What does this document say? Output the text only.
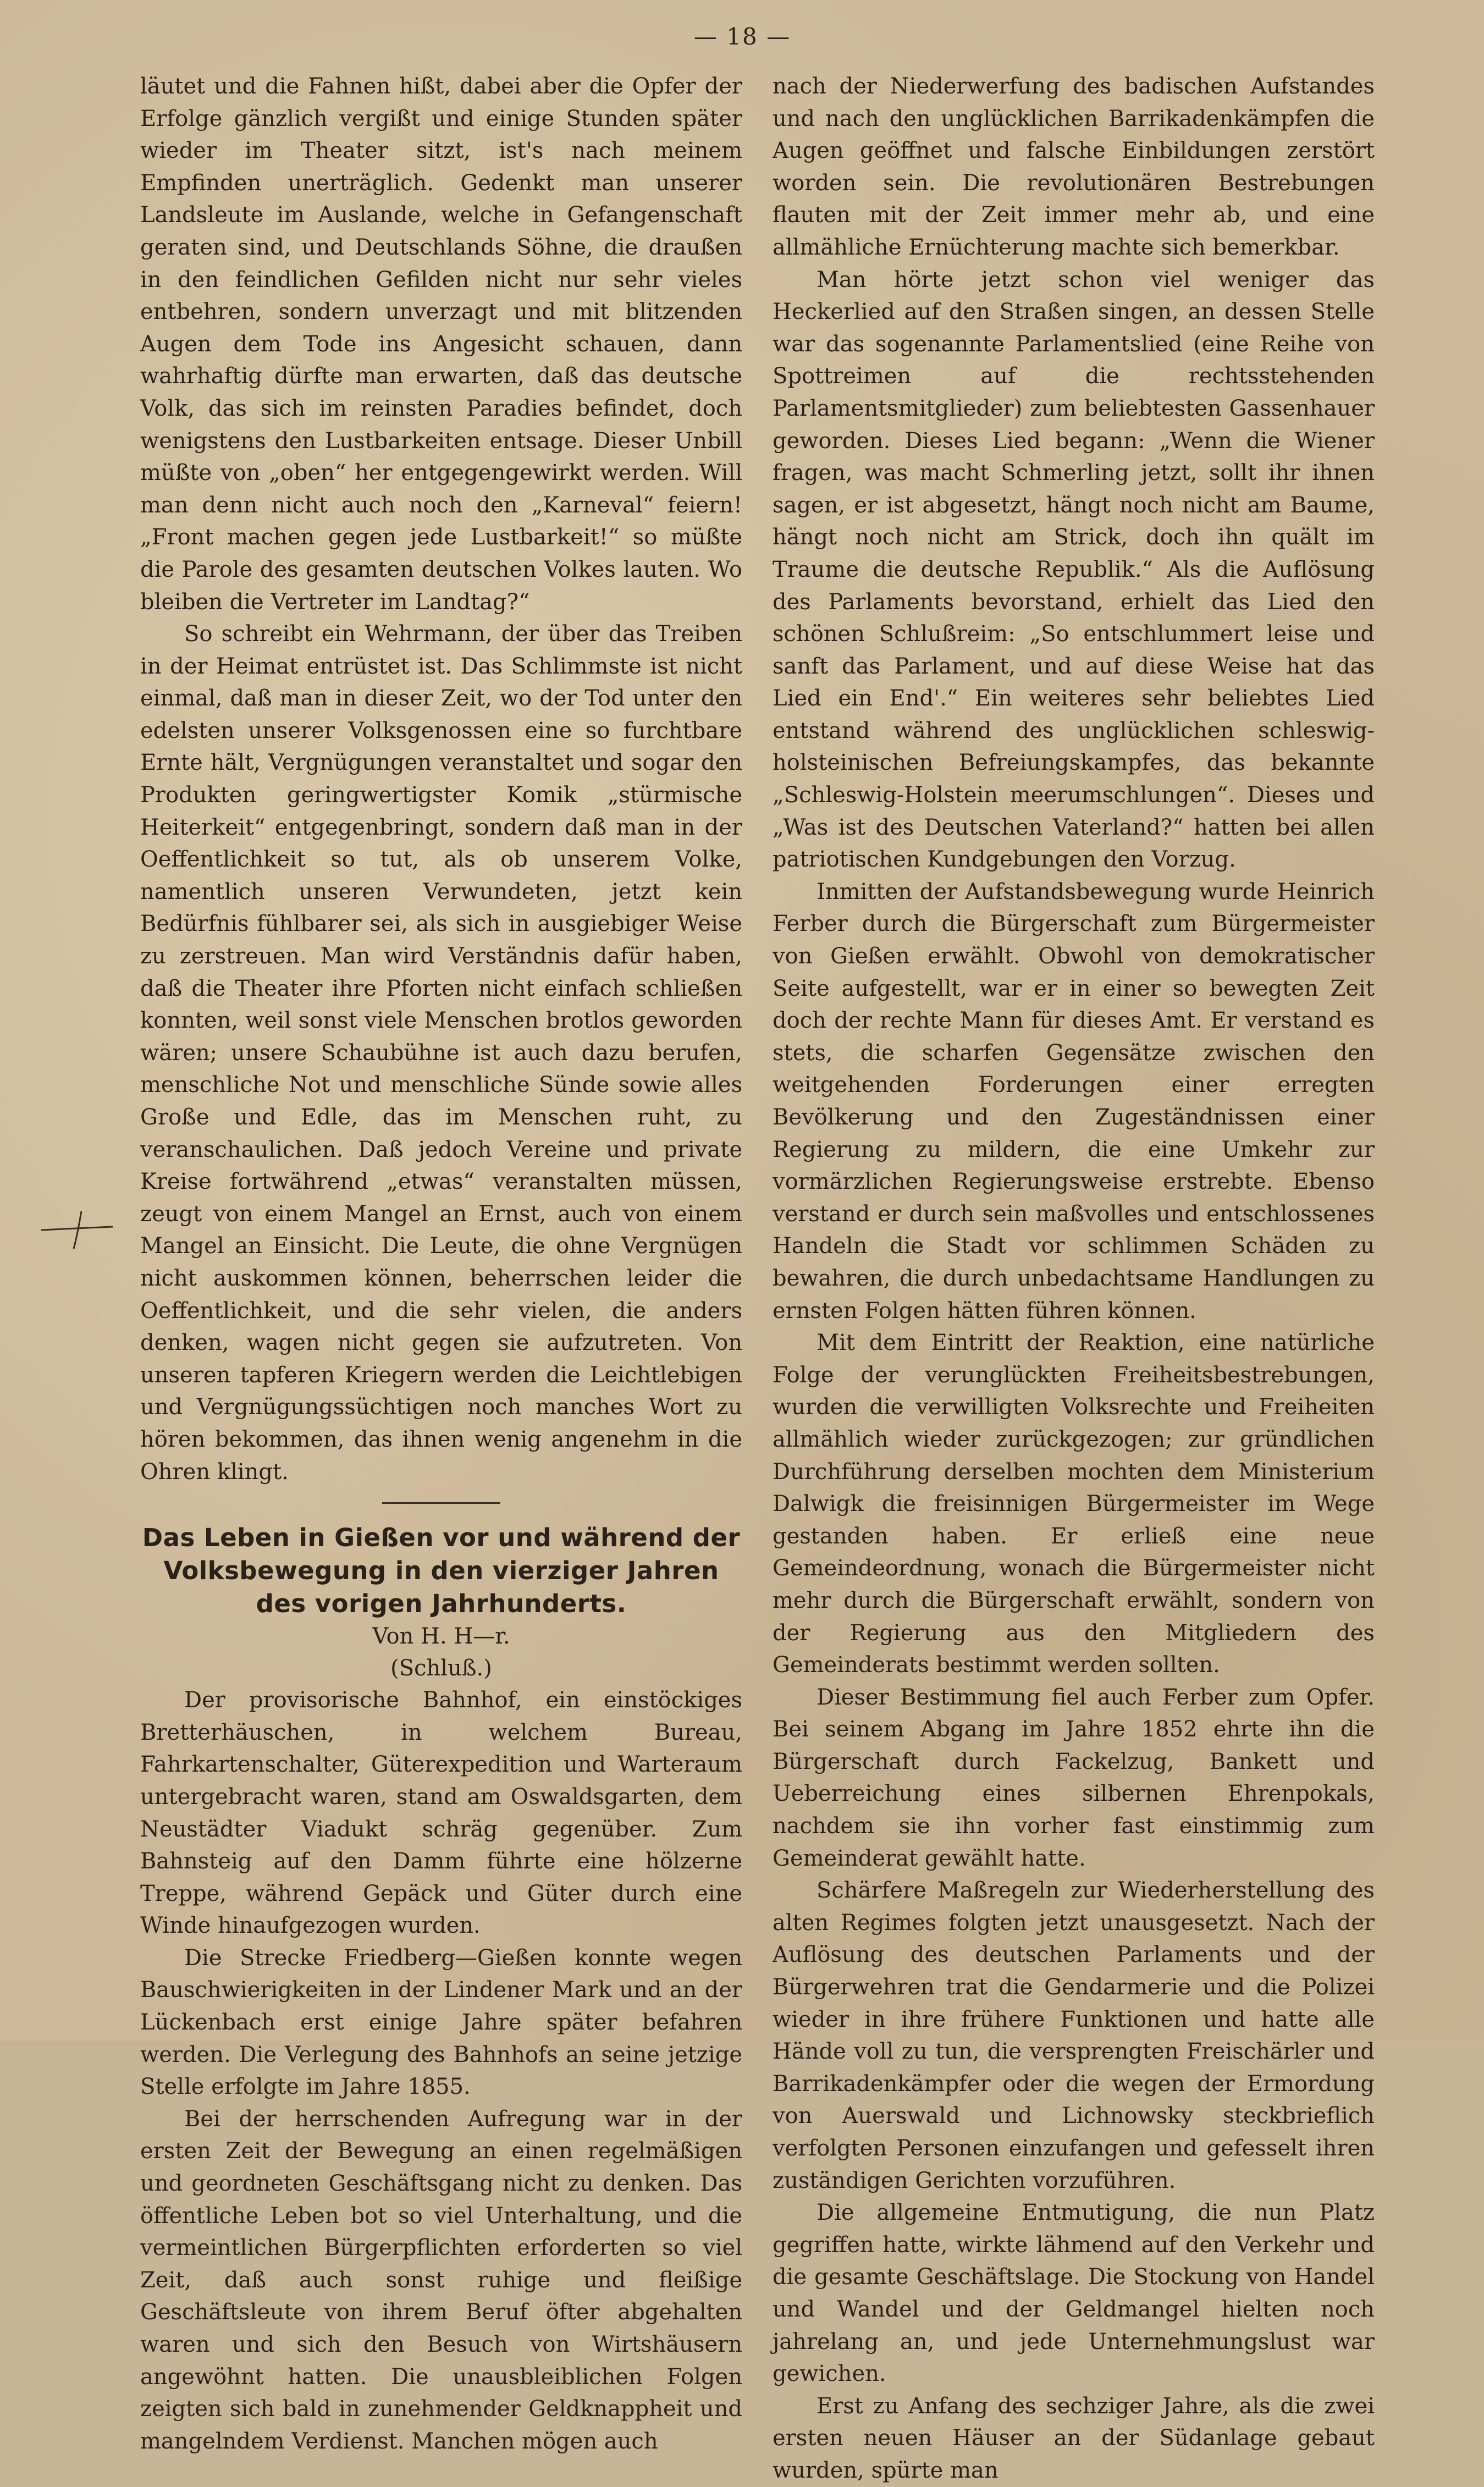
— 18 —

läutet und die Fahnen hißt, dabei aber die Opfer der Erfolge gänzlich vergißt und einige Stunden später wieder im Theater sitzt, ist's nach meinem Empfinden unerträglich. Gedenkt man unserer Landsleute im Auslande, welche in Gefangenschaft geraten sind, und Deutschlands Söhne, die draußen in den feindlichen Gefilden nicht nur sehr vieles entbehren, sondern unverzagt und mit blitzenden Augen dem Tode ins Angesicht schauen, dann wahrhaftig dürfte man erwarten, daß das deutsche Volk, das sich im reinsten Paradies befindet, doch wenigstens den Lustbarkeiten entsage. Dieser Unbill müßte von „oben“ her entgegengewirkt werden. Will man denn nicht auch noch den „Karneval“ feiern! „Front machen gegen jede Lustbarkeit!“ so müßte die Parole des gesamten deutschen Volkes lauten. Wo bleiben die Vertreter im Landtag?“

So schreibt ein Wehrmann, der über das Treiben in der Heimat entrüstet ist. Das Schlimmste ist nicht einmal, daß man in dieser Zeit, wo der Tod unter den edelsten unserer Volksgenossen eine so furchtbare Ernte hält, Vergnügungen veranstaltet und sogar den Produkten geringwertigster Komik „stürmische Heiterkeit“ entgegenbringt, sondern daß man in der Oeffentlichkeit so tut, als ob unserem Volke, namentlich unseren Verwundeten, jetzt kein Bedürfnis fühlbarer sei, als sich in ausgiebiger Weise zu zerstreuen. Man wird Verständnis dafür haben, daß die Theater ihre Pforten nicht einfach schließen konnten, weil sonst viele Menschen brotlos geworden wären; unsere Schaubühne ist auch dazu berufen, menschliche Not und menschliche Sünde sowie alles Große und Edle, das im Menschen ruht, zu veranschaulichen. Daß jedoch Vereine und private Kreise fortwährend „etwas“ veranstalten müssen, zeugt von einem Mangel an Ernst, auch von einem Mangel an Einsicht. Die Leute, die ohne Vergnügen nicht auskommen können, beherrschen leider die Oeffentlichkeit, und die sehr vielen, die anders denken, wagen nicht gegen sie aufzutreten. Von unseren tapferen Kriegern werden die Leichtlebigen und Vergnügungssüchtigen noch manches Wort zu hören bekommen, das ihnen wenig angenehm in die Ohren klingt.

Das Leben in Gießen vor und während der Volksbewegung in den vierziger Jahren des vorigen Jahrhunderts.

Von H. H—r.

(Schluß.)

Der provisorische Bahnhof, ein einstöckiges Bretterhäuschen, in welchem Bureau, Fahrkartenschalter, Güterexpedition und Warteraum untergebracht waren, stand am Oswaldsgarten, dem Neustädter Viadukt schräg gegenüber. Zum Bahnsteig auf den Damm führte eine hölzerne Treppe, während Gepäck und Güter durch eine Winde hinaufgezogen wurden.

Die Strecke Friedberg—Gießen konnte wegen Bauschwierigkeiten in der Lindener Mark und an der Lückenbach erst einige Jahre später befahren werden. Die Verlegung des Bahnhofs an seine jetzige Stelle erfolgte im Jahre 1855.

Bei der herrschenden Aufregung war in der ersten Zeit der Bewegung an einen regelmäßigen und geordneten Geschäftsgang nicht zu denken. Das öffentliche Leben bot so viel Unterhaltung, und die vermeintlichen Bürgerpflichten erforderten so viel Zeit, daß auch sonst ruhige und fleißige Geschäftsleute von ihrem Beruf öfter abgehalten waren und sich den Besuch von Wirtshäusern angewöhnt hatten. Die unausbleiblichen Folgen zeigten sich bald in zunehmender Geldknappheit und mangelndem Verdienst. Manchen mögen auch

nach der Niederwerfung des badischen Aufstandes und nach den unglücklichen Barrikadenkämpfen die Augen geöffnet und falsche Einbildungen zerstört worden sein. Die revolutionären Bestrebungen flauten mit der Zeit immer mehr ab, und eine allmähliche Ernüchterung machte sich bemerkbar.

Man hörte jetzt schon viel weniger das Heckerlied auf den Straßen singen, an dessen Stelle war das sogenannte Parlamentslied (eine Reihe von Spottreimen auf die rechtsstehenden Parlamentsmitglieder) zum beliebtesten Gassenhauer geworden. Dieses Lied begann: „Wenn die Wiener fragen, was macht Schmerling jetzt, sollt ihr ihnen sagen, er ist abgesetzt, hängt noch nicht am Baume, hängt noch nicht am Strick, doch ihn quält im Traume die deutsche Republik.“ Als die Auflösung des Parlaments bevorstand, erhielt das Lied den schönen Schlußreim: „So entschlummert leise und sanft das Parlament, und auf diese Weise hat das Lied ein End'.“ Ein weiteres sehr beliebtes Lied entstand während des unglücklichen schleswig-holsteinischen Befreiungskampfes, das bekannte „Schleswig-Holstein meerumschlungen“. Dieses und „Was ist des Deutschen Vaterland?“ hatten bei allen patriotischen Kundgebungen den Vorzug.

Inmitten der Aufstandsbewegung wurde Heinrich Ferber durch die Bürgerschaft zum Bürgermeister von Gießen erwählt. Obwohl von demokratischer Seite aufgestellt, war er in einer so bewegten Zeit doch der rechte Mann für dieses Amt. Er verstand es stets, die scharfen Gegensätze zwischen den weitgehenden Forderungen einer erregten Bevölkerung und den Zugeständnissen einer Regierung zu mildern, die eine Umkehr zur vormärzlichen Regierungsweise erstrebte. Ebenso verstand er durch sein maßvolles und entschlossenes Handeln die Stadt vor schlimmen Schäden zu bewahren, die durch unbedachtsame Handlungen zu ernsten Folgen hätten führen können.

Mit dem Eintritt der Reaktion, eine natürliche Folge der verunglückten Freiheitsbestrebungen, wurden die verwilligten Volksrechte und Freiheiten allmählich wieder zurückgezogen; zur gründlichen Durchführung derselben mochten dem Ministerium Dalwigk die freisinnigen Bürgermeister im Wege gestanden haben. Er erließ eine neue Gemeindeordnung, wonach die Bürgermeister nicht mehr durch die Bürgerschaft erwählt, sondern von der Regierung aus den Mitgliedern des Gemeinderats bestimmt werden sollten.

Dieser Bestimmung fiel auch Ferber zum Opfer. Bei seinem Abgang im Jahre 1852 ehrte ihn die Bürgerschaft durch Fackelzug, Bankett und Ueberreichung eines silbernen Ehrenpokals, nachdem sie ihn vorher fast einstimmig zum Gemeinderat gewählt hatte.

Schärfere Maßregeln zur Wiederherstellung des alten Regimes folgten jetzt unausgesetzt. Nach der Auflösung des deutschen Parlaments und der Bürgerwehren trat die Gendarmerie und die Polizei wieder in ihre frühere Funktionen und hatte alle Hände voll zu tun, die versprengten Freischärler und Barrikadenkämpfer oder die wegen der Ermordung von Auerswald und Lichnowsky steckbrieflich verfolgten Personen einzufangen und gefesselt ihren zuständigen Gerichten vorzuführen.

Die allgemeine Entmutigung, die nun Platz gegriffen hatte, wirkte lähmend auf den Verkehr und die gesamte Geschäftslage. Die Stockung von Handel und Wandel und der Geldmangel hielten noch jahrelang an, und jede Unternehmungslust war gewichen.

Erst zu Anfang des sechziger Jahre, als die zwei ersten neuen Häuser an der Südanlage gebaut wurden, spürte man
